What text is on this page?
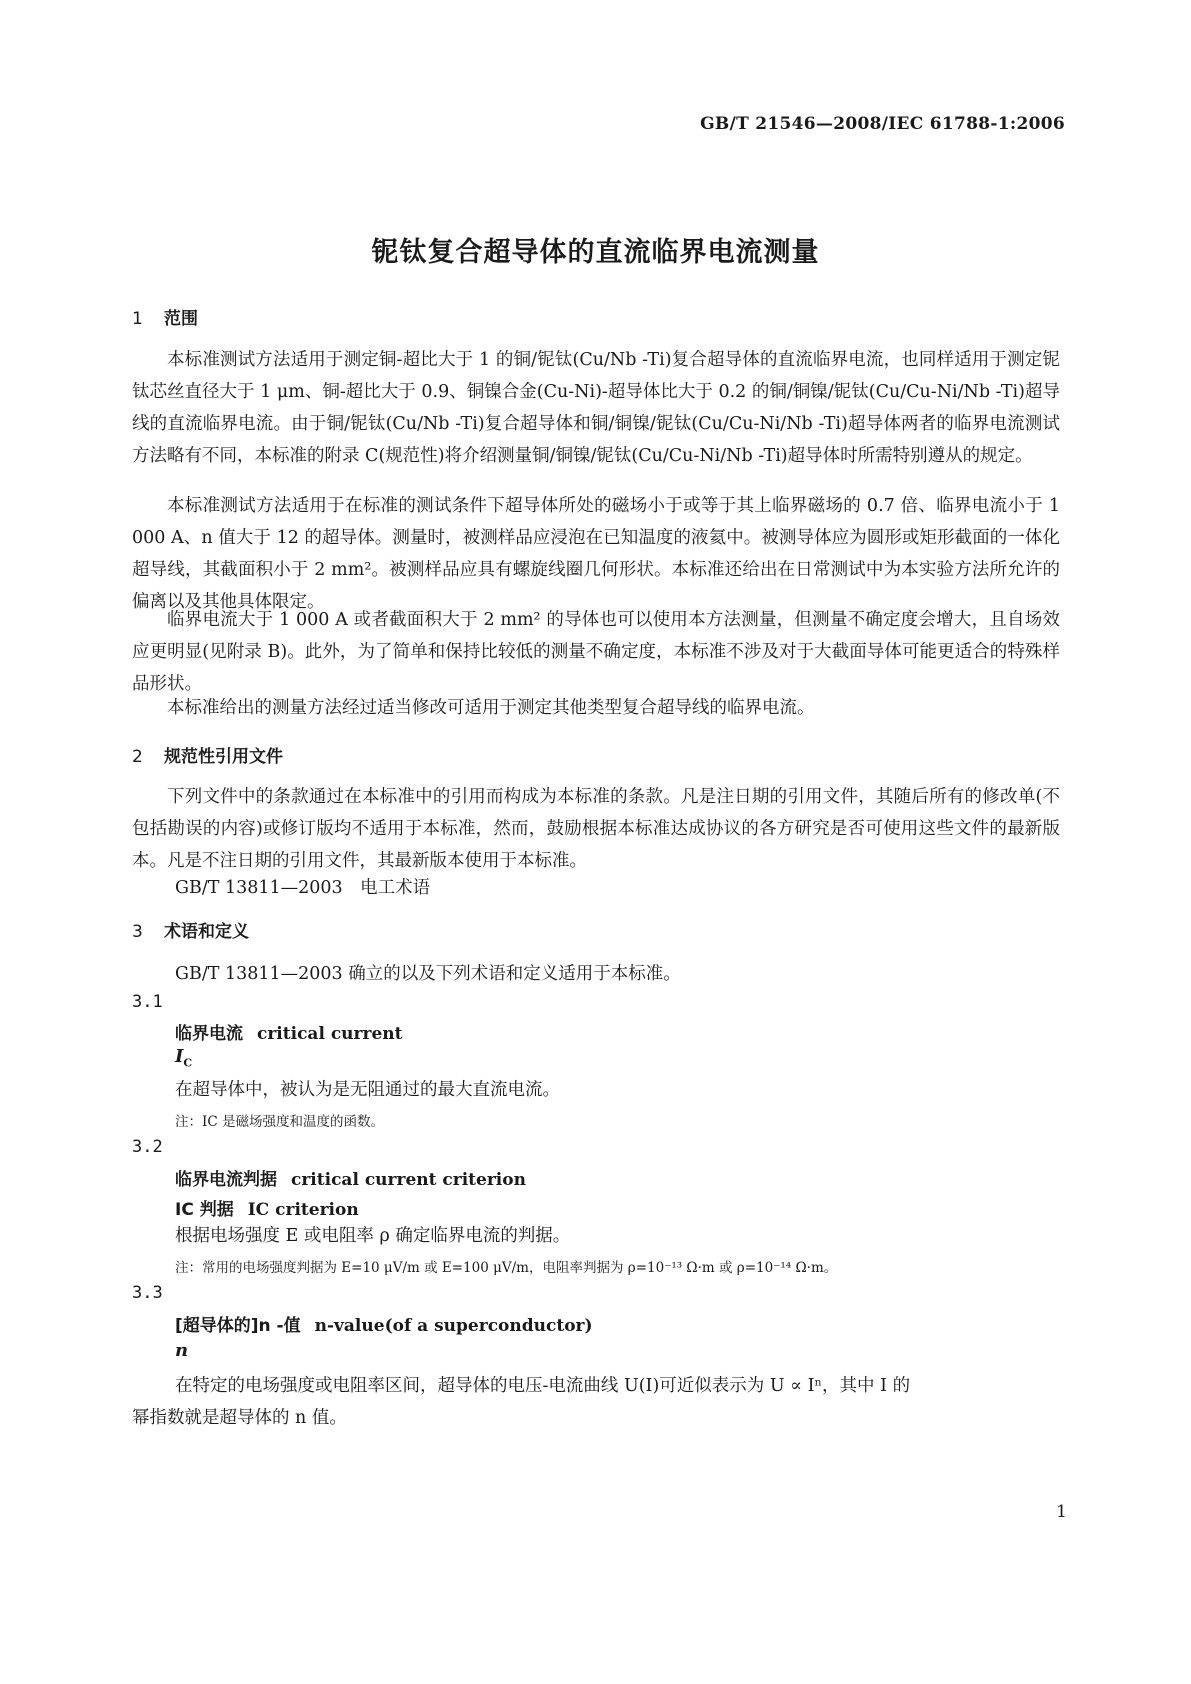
GB/T 21546—2008/IEC 61788-1:2006
铌钛复合超导体的直流临界电流测量
1 范围
本标准测试方法适用于测定铜-超比大于 1 的铜/铌钛(Cu/Nb -Ti)复合超导体的直流临界电流，也同样适用于测定铌钛芯丝直径大于 1 μm、铜-超比大于 0.9、铜镍合金(Cu-Ni)-超导体比大于 0.2 的铜/铜镍/铌钛(Cu/Cu-Ni/Nb -Ti)超导线的直流临界电流。由于铜/铌钛(Cu/Nb -Ti)复合超导体和铜/铜镍/铌钛(Cu/Cu-Ni/Nb -Ti)超导体两者的临界电流测试方法略有不同，本标准的附录 C(规范性)将介绍测量铜/铜镍/铌钛(Cu/Cu-Ni/Nb -Ti)超导体时所需特别遵从的规定。
本标准测试方法适用于在标准的测试条件下超导体所处的磁场小于或等于其上临界磁场的 0.7 倍、临界电流小于 1 000 A、n 值大于 12 的超导体。测量时，被测样品应浸泡在已知温度的液氦中。被测导体应为圆形或矩形截面的一体化超导线，其截面积小于 2 mm²。被测样品应具有螺旋线圈几何形状。本标准还给出在日常测试中为本实验方法所允许的偏离以及其他具体限定。
临界电流大于 1 000 A 或者截面积大于 2 mm² 的导体也可以使用本方法测量，但测量不确定度会增大，且自场效应更明显(见附录 B)。此外，为了简单和保持比较低的测量不确定度，本标准不涉及对于大截面导体可能更适合的特殊样品形状。
本标准给出的测量方法经过适当修改可适用于测定其他类型复合超导线的临界电流。
2 规范性引用文件
下列文件中的条款通过在本标准中的引用而构成为本标准的条款。凡是注日期的引用文件，其随后所有的修改单(不包括勘误的内容)或修订版均不适用于本标准，然而，鼓励根据本标准达成协议的各方研究是否可使用这些文件的最新版本。凡是不注日期的引用文件，其最新版本使用于本标准。
GB/T 13811—2003　电工术语
3 术语和定义
GB/T 13811—2003 确立的以及下列术语和定义适用于本标准。
3.1
临界电流 critical current
$I_C$
在超导体中，被认为是无阻通过的最大直流电流。
注：IC 是磁场强度和温度的函数。
3.2
临界电流判据 critical current criterion
IC 判据 IC criterion
根据电场强度 E 或电阻率 ρ 确定临界电流的判据。
注：常用的电场强度判据为 E=10 μV/m 或 E=100 μV/m，电阻率判据为 ρ=10⁻¹³ Ω·m 或 ρ=10⁻¹⁴ Ω·m。
3.3
[超导体的]n -值 n-value(of a superconductor)
n
在特定的电场强度或电阻率区间，超导体的电压-电流曲线 U(I)可近似表示为 U ∝ Iⁿ，其中 I 的
幂指数就是超导体的 n 值。
1
